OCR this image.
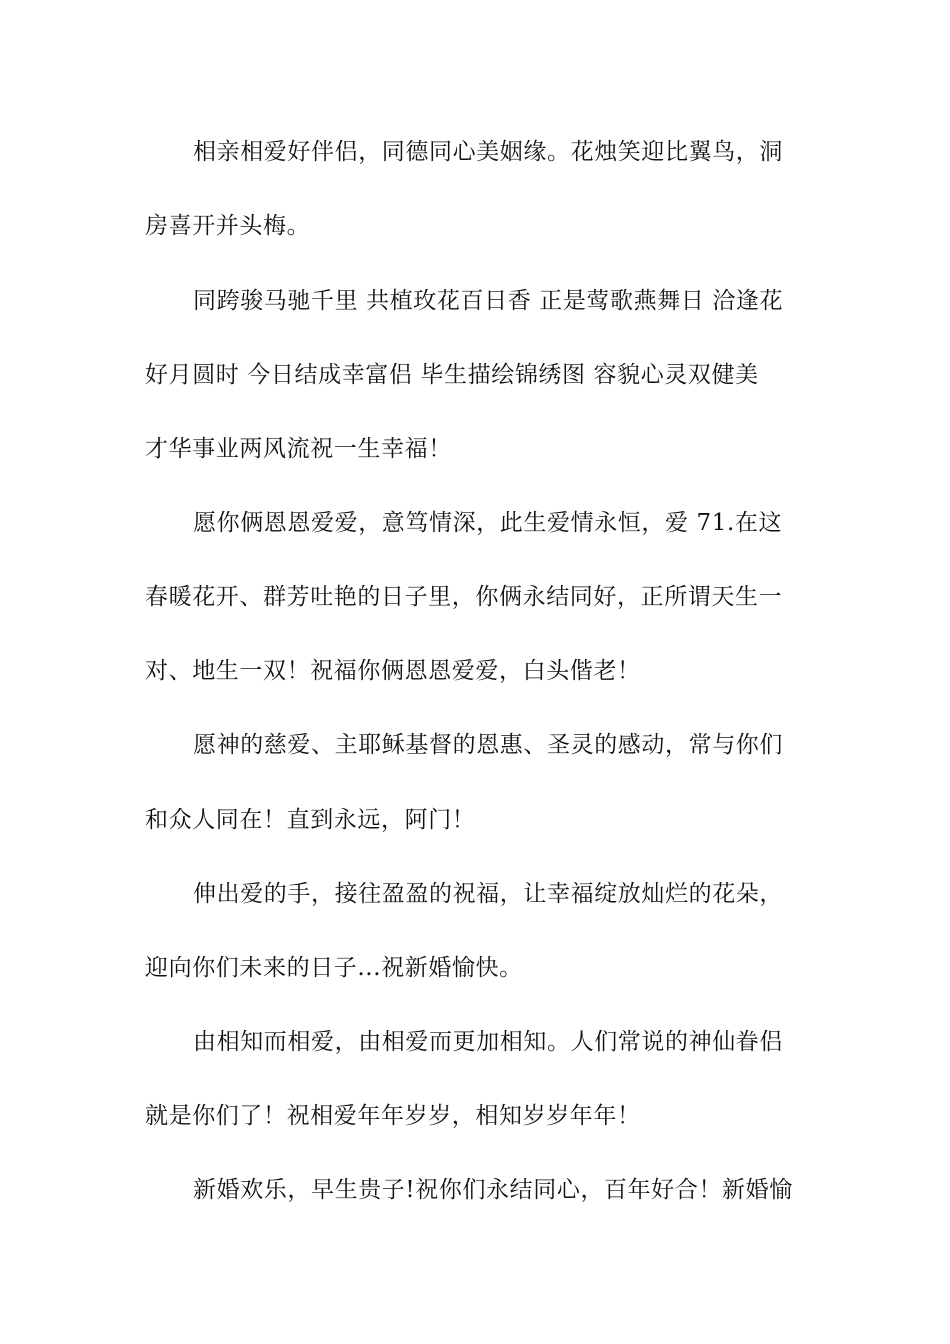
相亲相爱好伴侣，同德同心美姻缘。花烛笑迎比翼鸟，洞
房喜开并头梅。
同跨骏马驰千里 共植玫花百日香 正是莺歌燕舞日 洽逢花
好月圆时 今日结成幸富侣 毕生描绘锦绣图 容貌心灵双健美
才华事业两风流祝一生幸福！
愿你俩恩恩爱爱，意笃情深，此生爱情永恒，爱 71.在这
春暖花开、群芳吐艳的日子里，你俩永结同好，正所谓天生一
对、地生一双！祝福你俩恩恩爱爱，白头偕老！
愿神的慈爱、主耶稣基督的恩惠、圣灵的感动，常与你们
和众人同在！直到永远，阿门！
伸出爱的手，接往盈盈的祝福，让幸福绽放灿烂的花朵，
迎向你们未来的日子...祝新婚愉快。
由相知而相爱，由相爱而更加相知。人们常说的神仙眷侣
就是你们了！祝相爱年年岁岁，相知岁岁年年！
新婚欢乐，早生贵子!祝你们永结同心，百年好合！新婚愉
